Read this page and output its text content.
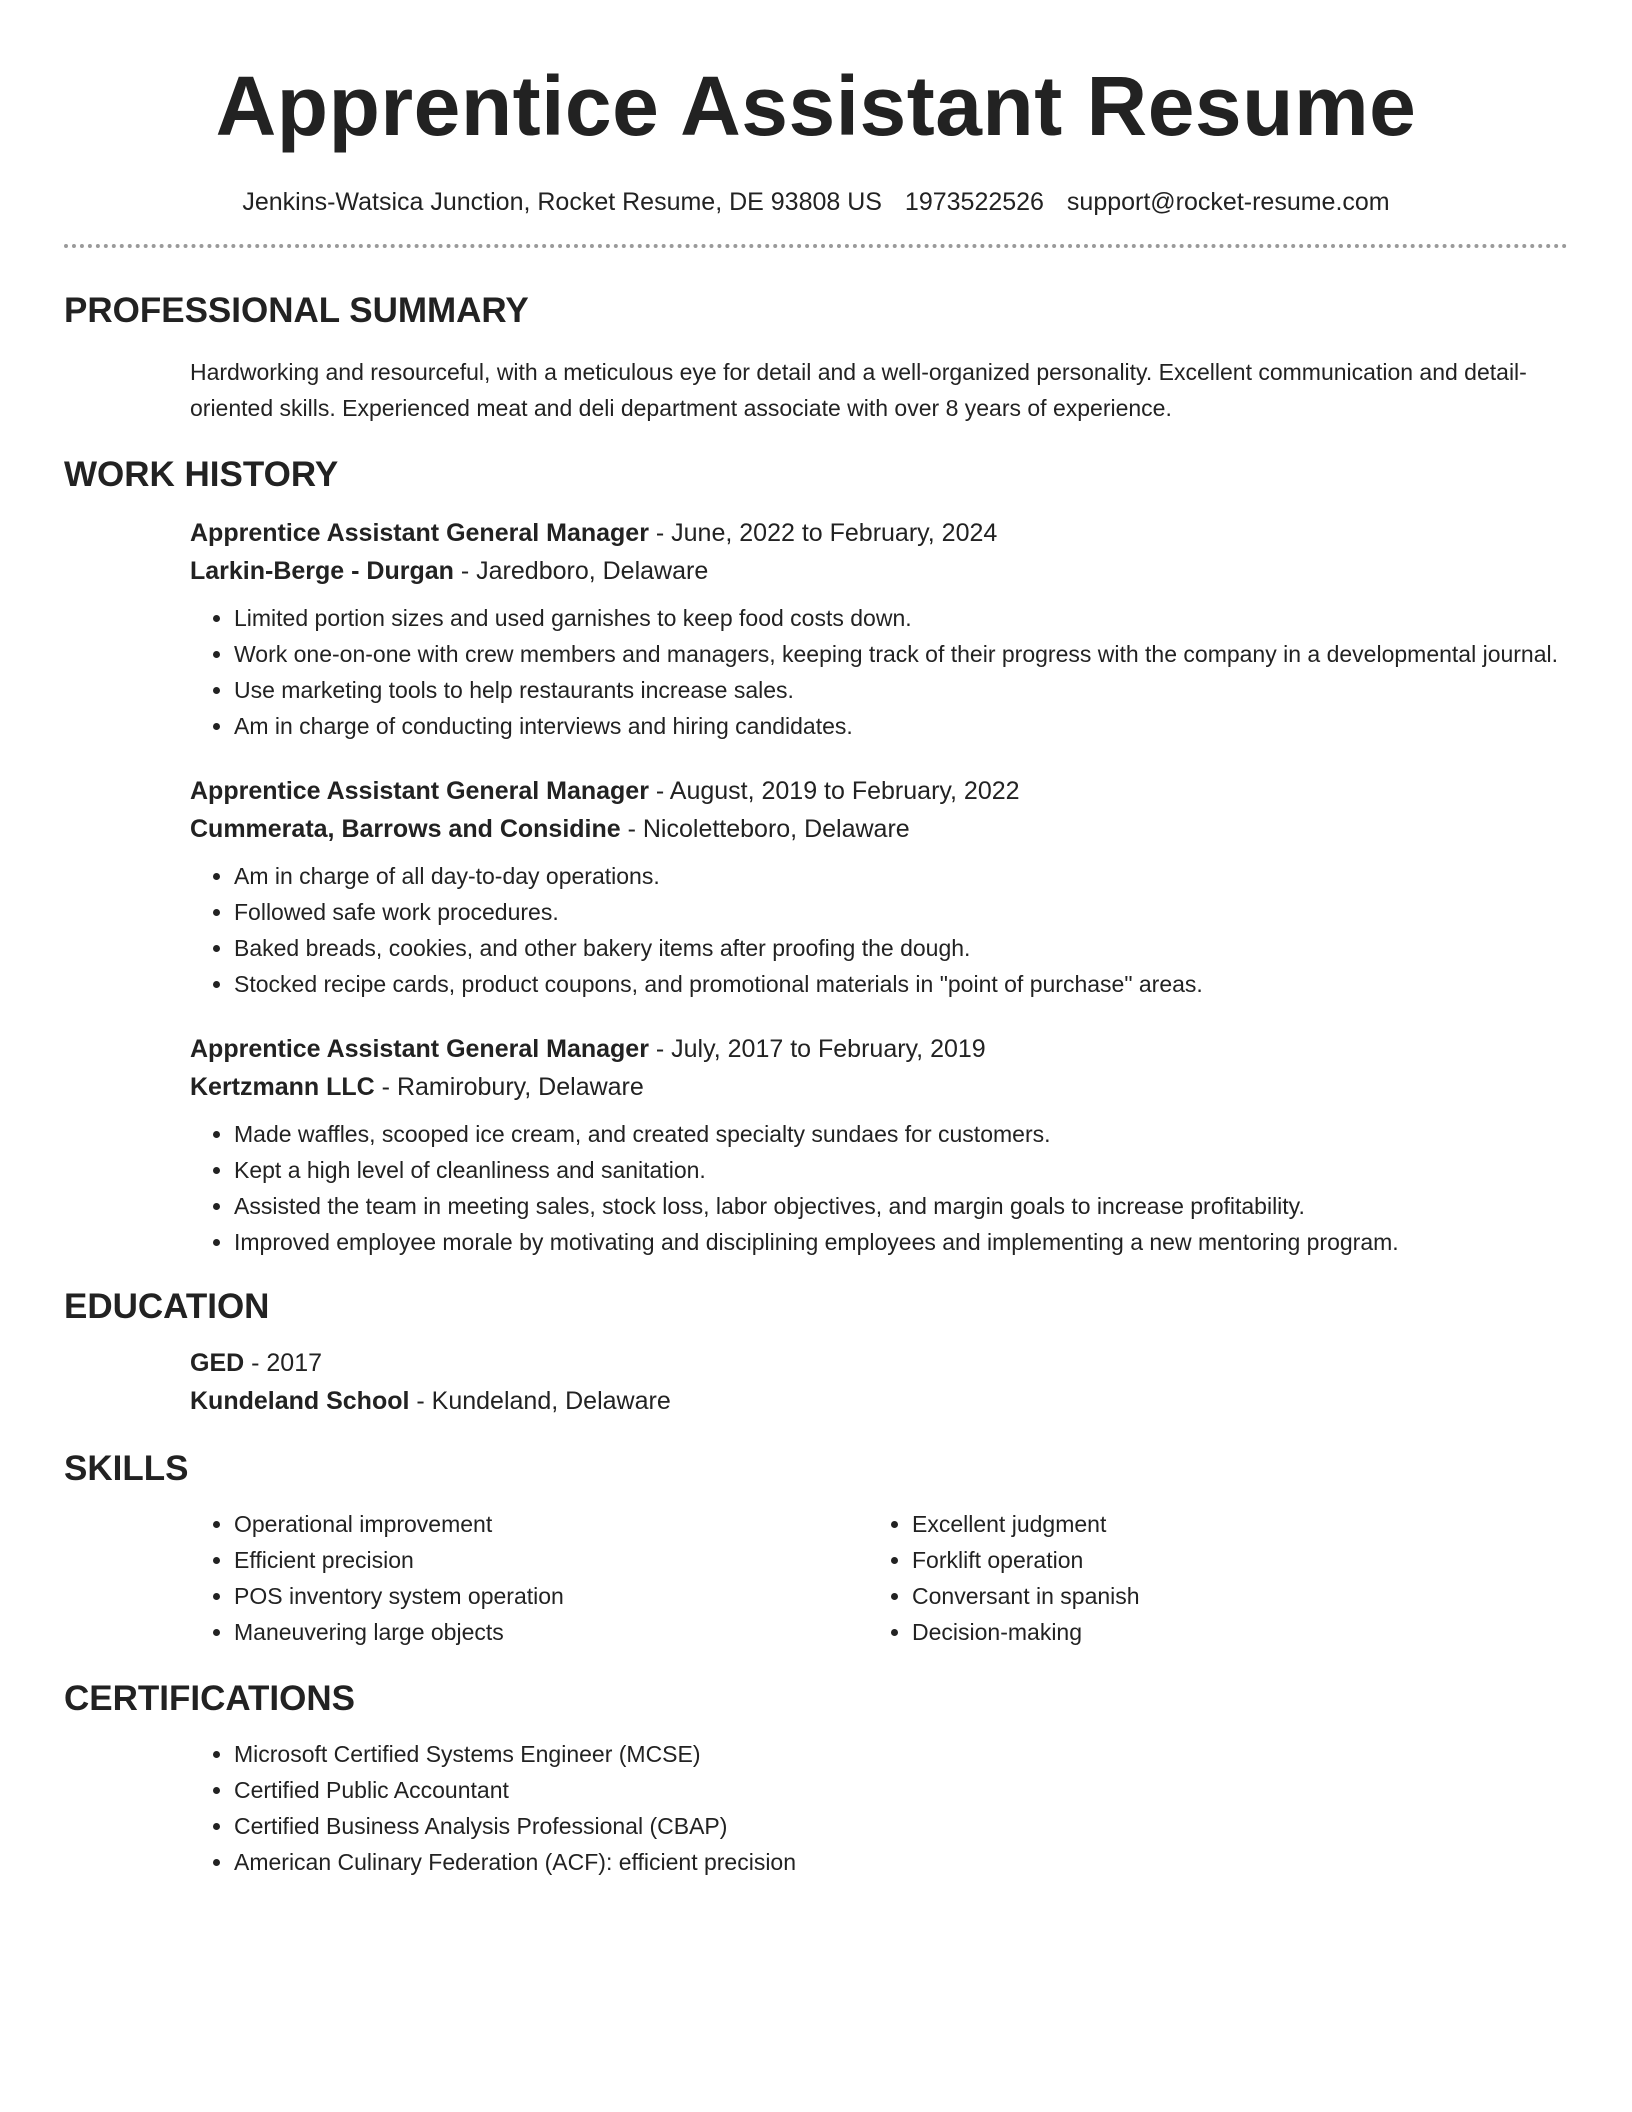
Apprentice Assistant Resume
Jenkins-Watsica Junction, Rocket Resume, DE 93808 US 1973522526 support@rocket-resume.com
PROFESSIONAL SUMMARY

Hardworking and resourceful, with a meticulous eye for detail and a well-organized personality. Excellent communication and detail-oriented skills. Experienced meat and deli department associate with over 8 years of experience.

WORK HISTORY
Apprentice Assistant General Manager - June, 2022 to February, 2024
Larkin-Berge - Durgan - Jaredboro, Delaware
• Limited portion sizes and used garnishes to keep food costs down.
• Work one-on-one with crew members and managers, keeping track of their progress with the company in a developmental journal.
• Use marketing tools to help restaurants increase sales.
• Am in charge of conducting interviews and hiring candidates.
Apprentice Assistant General Manager - August, 2019 to February, 2022
Cummerata, Barrows and Considine - Nicoletteboro, Delaware
• Am in charge of all day-to-day operations.
• Followed safe work procedures.
• Baked breads, cookies, and other bakery items after proofing the dough.
• Stocked recipe cards, product coupons, and promotional materials in "point of purchase" areas.
Apprentice Assistant General Manager - July, 2017 to February, 2019
Kertzmann LLC - Ramirobury, Delaware
• Made waffles, scooped ice cream, and created specialty sundaes for customers.
• Kept a high level of cleanliness and sanitation.
• Assisted the team in meeting sales, stock loss, labor objectives, and margin goals to increase profitability.
• Improved employee morale by motivating and disciplining employees and implementing a new mentoring program.
EDUCATION
GED - 2017
Kundeland School - Kundeland, Delaware
SKILLS
• Operational improvement
• Efficient precision
• POS inventory system operation
• Maneuvering large objects
• Excellent judgment
• Forklift operation
• Conversant in spanish
• Decision-making
CERTIFICATIONS
• Microsoft Certified Systems Engineer (MCSE)
• Certified Public Accountant
• Certified Business Analysis Professional (CBAP)
• American Culinary Federation (ACF): efficient precision
